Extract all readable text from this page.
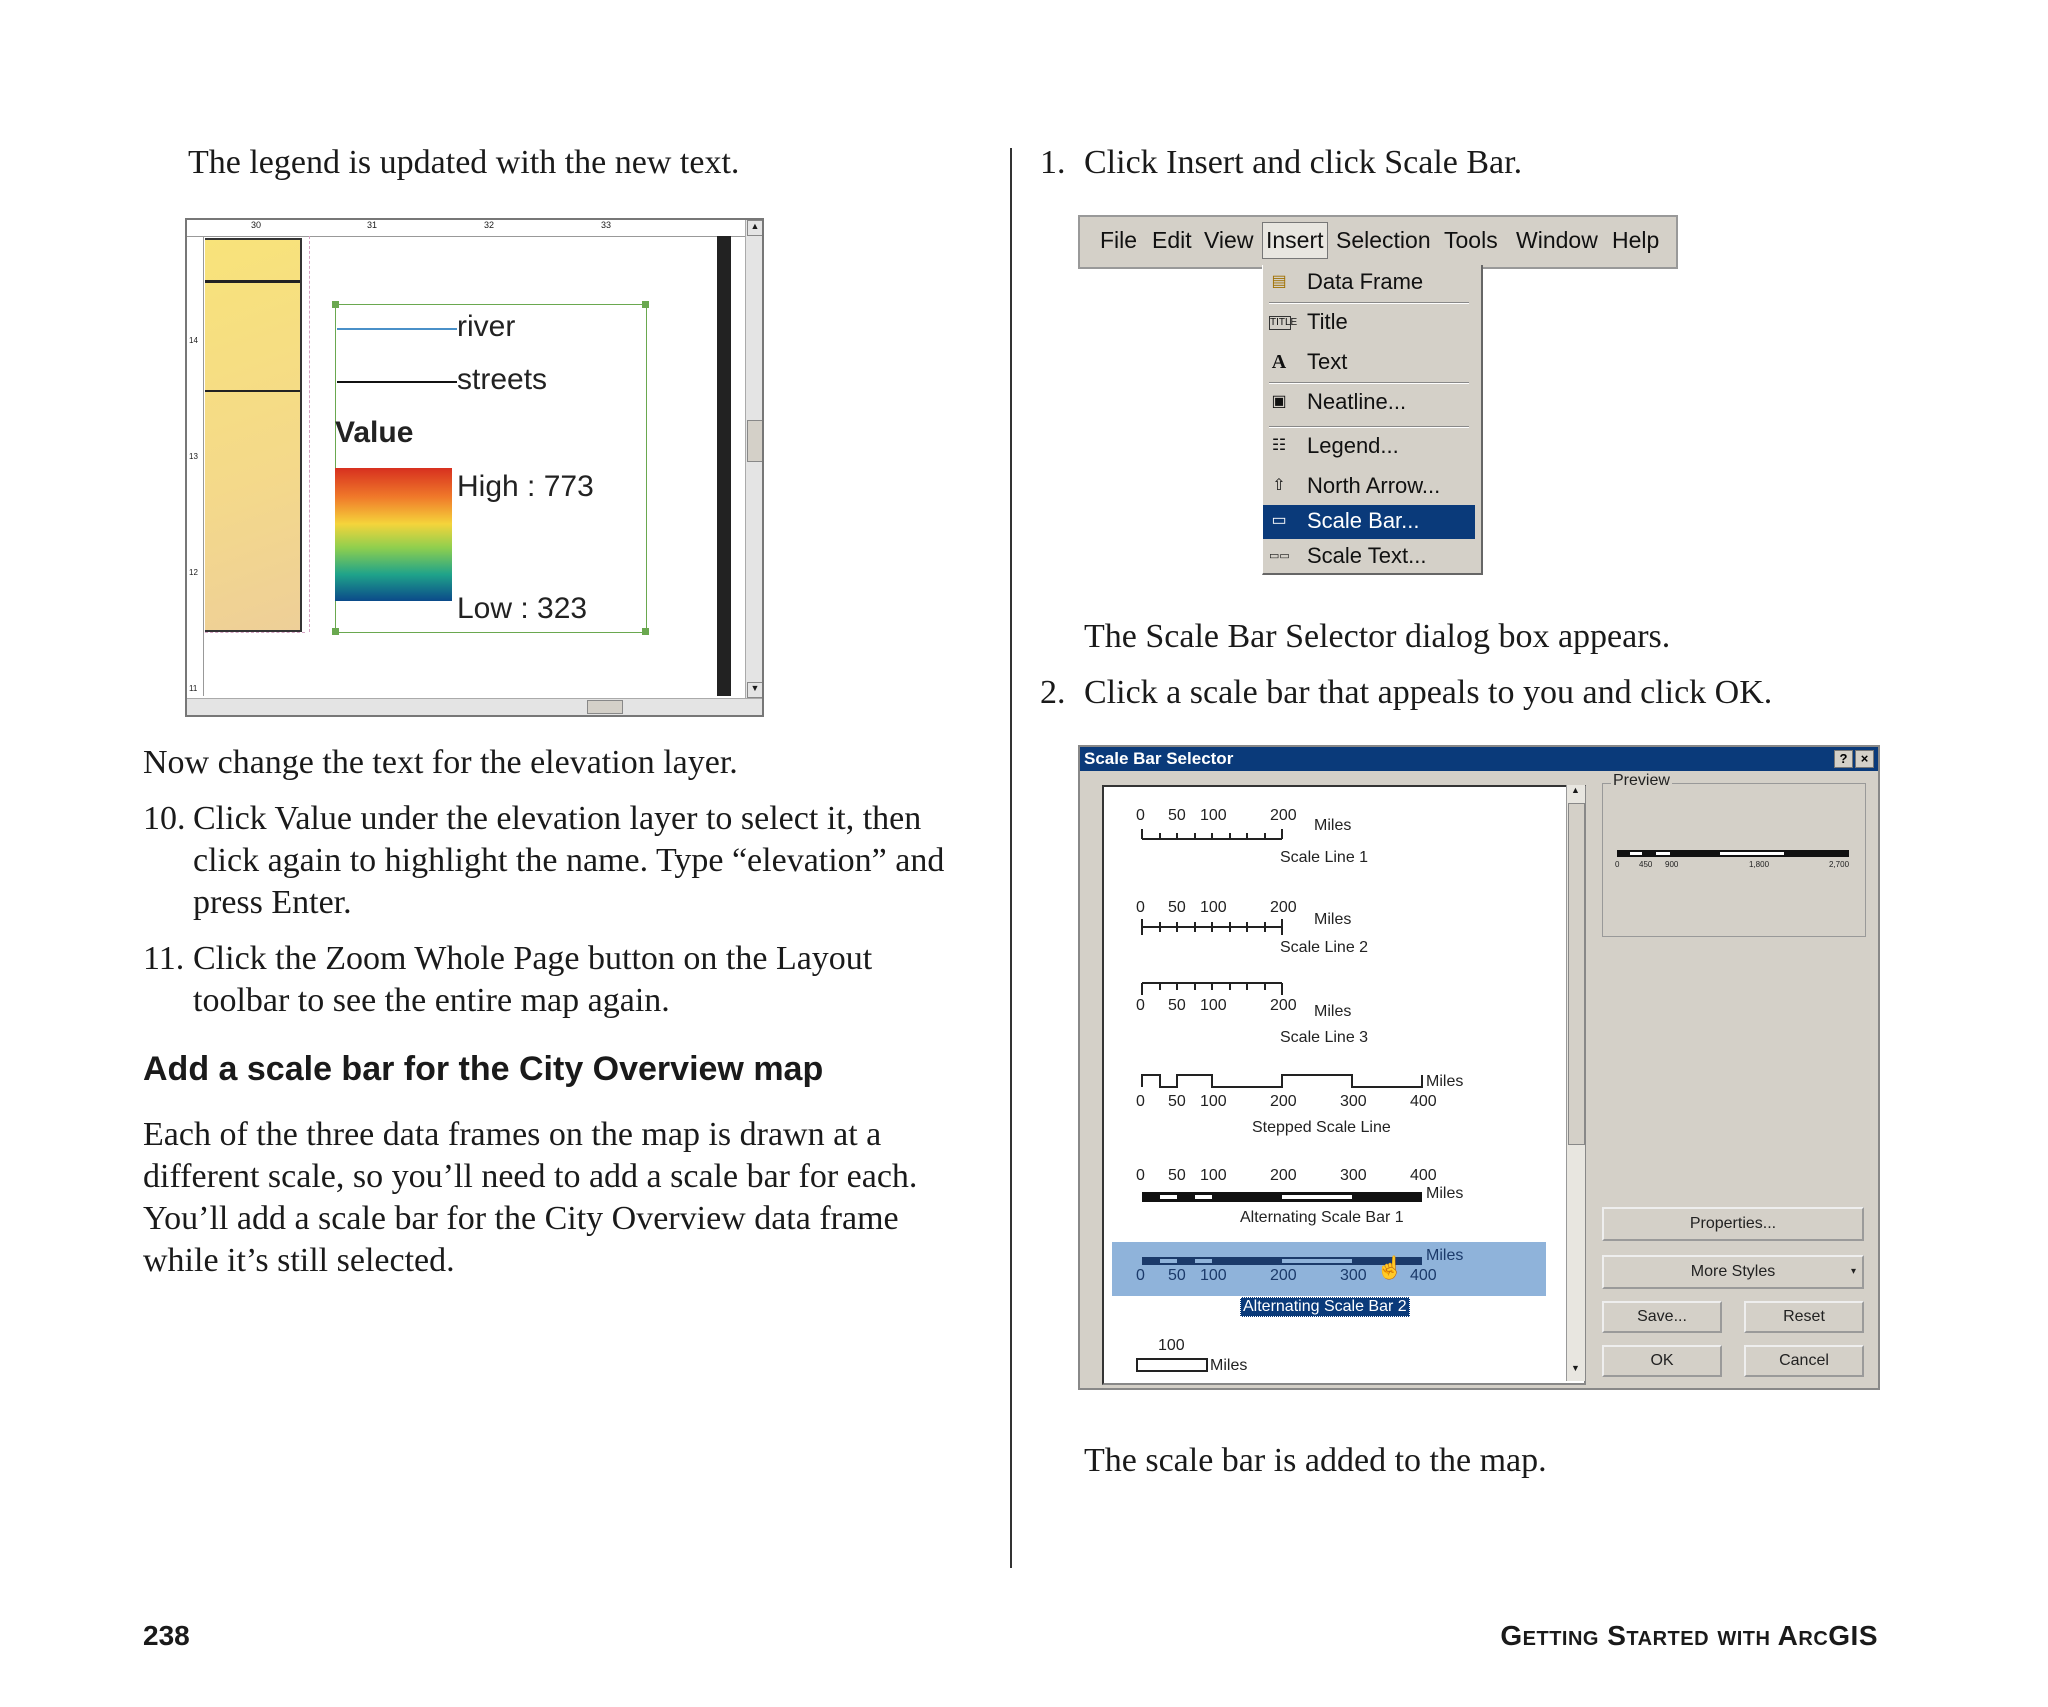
The legend is updated with the new text.
30	31	32	33
14
13
12
11
▲
▼
river
streets
Value
High : 773
Low : 323
Now change the text for the elevation layer.
10. Click Value under the elevation layer to select it, then
click again to highlight the name. Type “elevation” and
press Enter.
11. Click the Zoom Whole Page button on the Layout
toolbar to see the entire map again.
Add a scale bar for the City Overview map
Each of the three data frames on the map is drawn at a
different scale, so you’ll need to add a scale bar for each.
You’ll add a scale bar for the City Overview data frame
while it’s still selected.
1. Click Insert and click Scale Bar.
File Edit View Insert Selection Tools Window Help
▤ Data Frame
TITLE Title
A Text
▣ Neatline...
☷ Legend...
⇧ North Arrow...
▭ Scale Bar...
▭▭ Scale Text...
The Scale Bar Selector dialog box appears.
2. Click a scale bar that appeals to you and click OK.
Scale Bar Selector	?	×
0 50 100	200
Miles
Scale Line 1
0 50 100	200
Miles
Scale Line 2
0 50 100	200 Miles
Scale Line 3
Miles
0 50 100	200	300	400
Stepped Scale Line
0 50 100	200	300	400
Miles
Alternating Scale Bar 1
Miles
0 50 100	200	300	400
☝
Alternating Scale Bar 2
100
Miles
▲
▼
Preview
0 450 900	1,800	2,700
Properties...
More Styles	▾
Save...	Reset
OK	Cancel
The scale bar is added to the map.
238	Getting Started with ArcGIS
